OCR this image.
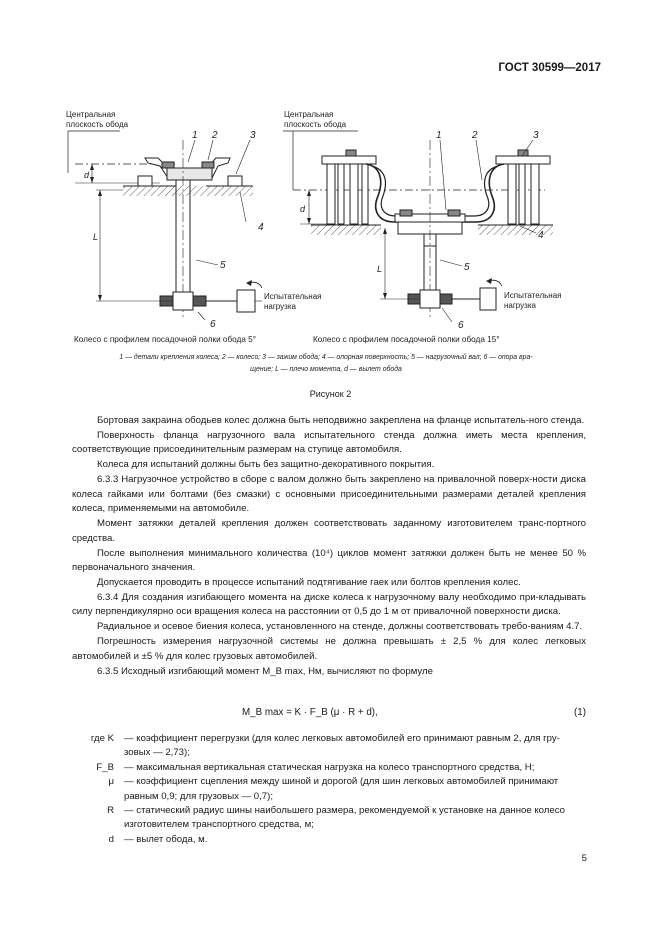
ГОСТ 30599—2017
Центральная
плоскость обода
1 2	3
4
5
6
d
L
Испытательная
нагрузка
Центральная
плоскость обода
1	2	3
4
5
6
d
L
Испытательная
нагрузка
Колесо с профилем посадочной полки обода 5°	Колесо с профилем посадочной полки обода 15°
1 — детали крепления колеса; 2 — колесо; 3 — зажим обода; 4 — опорная поверхность; 5 — нагрузочный вал; 6 — опора вра-
щение; L — плечо момента, d — вылет обода
Рисунок 2

Бортовая закраина ободьев колес должна быть неподвижно закреплена на фланце испытатель-ного стенда.

Поверхность фланца нагрузочного вала испытательного стенда должна иметь места крепления, соответствующие присоединительным размерам на ступице автомобиля.

Колеса для испытаний должны быть без защитно-декоративного покрытия.

6.3.3 Нагрузочное устройство в сборе с валом должно быть закреплено на привалочной поверх-ности диска колеса гайками или болтами (без смазки) с основными присоединительными размерами деталей крепления колеса, применяемыми на автомобиле.

Момент затяжки деталей крепления должен соответствовать заданному изготовителем транс-портного средства.

После выполнения минимального количества (10⁴) циклов момент затяжки должен быть не менее 50 % первоначального значения.

Допускается проводить в процессе испытаний подтягивание гаек или болтов крепления колес.

6.3.4 Для создания изгибающего момента на диске колеса к нагрузочному валу необходимо при-кладывать силу перпендикулярно оси вращения колеса на расстоянии от 0,5 до 1 м от привалочной поверхности диска.

Радиальное и осевое биения колеса, установленного на стенде, должны соответствовать требо-ваниям 4.7.

Погрешность измерения нагрузочной системы не должна превышать ± 2,5 % для колес легковых автомобилей и ±5 % для колес грузовых автомобилей.

6.3.5 Исходный изгибающий момент M_B max, Нм, вычисляют по формуле

M_B max = K · F_B (μ · R + d),	(1)
где K — коэффициент перегрузки (для колес легковых автомобилей его принимают равным 2, для гру-зовых — 2,73);
F_B — максимальная вертикальная статическая нагрузка на колесо транспортного средства, Н;
μ — коэффициент сцепления между шиной и дорогой (для шин легковых автомобилей принимают равным 0,9; для грузовых — 0,7);
R — статический радиус шины наибольшего размера, рекомендуемой к установке на данное колесо изготовителем транспортного средства, м;
d — вылет обода, м.
5
